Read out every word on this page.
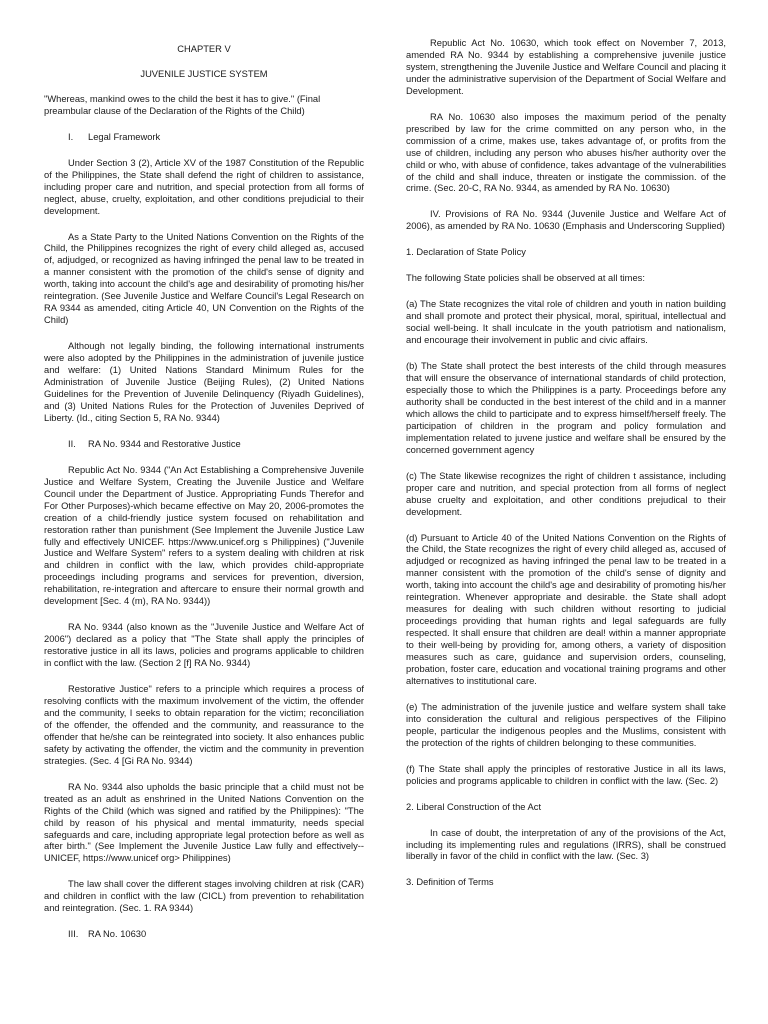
CHAPTER V
JUVENILE JUSTICE SYSTEM

"Whereas, mankind owes to the child the best it has to give." (Final preambular clause of the Declaration of the Rights of the Child)

I.	Legal Framework

Under Section 3 (2), Article XV of the 1987 Constitution of the Republic of the Philippines, the State shall defend the right of children to assistance, including proper care and nutrition, and special protection from all forms of neglect, abuse, cruelty, exploitation, and other conditions prejudicial to their development.

As a State Party to the United Nations Convention on the Rights of the Child, the Philippines recognizes the right of every child alleged as, accused of, adjudged, or recognized as having infringed the penal law to be treated in a manner consistent with the promotion of the child's sense of dignity and worth, taking into account the child's age and desirability of promoting his/her reintegration. (See Juvenile Justice and Welfare Council's Legal Research on RA 9344 as amended, citing Article 40, UN Convention on the Rights of the Child)

Although not legally binding, the following international instruments were also adopted by the Philippines in the administration of juvenile justice and welfare: (1) United Nations Standard Minimum Rules for the Administration of Juvenile Justice (Beijing Rules), (2) United Nations Guidelines for the Prevention of Juvenile Delinquency (Riyadh Guidelines), and (3) United Nations Rules for the Protection of Juveniles Deprived of Liberty. (Id., citing Section 5, RA No. 9344)

II.	RA No. 9344 and Restorative Justice

Republic Act No. 9344 ("An Act Establishing a Comprehensive Juvenile Justice and Welfare System, Creating the Juvenile Justice and Welfare Council under the Department of Justice. Appropriating Funds Therefor and For Other Purposes)-which became effective on May 20, 2006-promotes the creation of a child-friendly justice system focused on rehabilitation and restoration rather than punishment (See Implement the Juvenile Justice Law fully and effectively UNICEF. https://www.unicef.org s Philippines) ("Juvenile Justice and Welfare System" refers to a system dealing with children at risk and children in conflict with the law, which provides child-appropriate proceedings including programs and services for prevention, diversion, rehabilitation, re-integration and aftercare to ensure their normal growth and development [Sec. 4 (m), RA No. 9344))

RA No. 9344 (also known as the "Juvenile Justice and Welfare Act of 2006") declared as a policy that "The State shall apply the principles of restorative justice in all its laws, policies and programs applicable to children in conflict with the law. (Section 2 [f] RA No. 9344)

Restorative Justice" refers to a principle which requires a process of resolving conflicts with the maximum involvement of the victim, the offender and the community, I seeks to obtain reparation for the victim; reconciliation of the offender, the offended and the community, and reassurance to the offender that he/she can be reintegrated into society. It also enhances public safety by activating the offender, the victim and the community in prevention strategies. (Sec. 4 [Gi RA No. 9344)

RA No. 9344 also upholds the basic principle that a child must not be treated as an adult as enshrined in the United Nations Convention on the Rights of the Child (which was signed and ratified by the Philippines): "The child by reason of his physical and mental immaturity, needs special safeguards and care, including appropriate legal protection before as well as after birth." (See Implement the Juvenile Justice Law fully and effectively--UNICEF, https://www.unicef org> Philippines)

The law shall cover the different stages involving children at risk (CAR) and children in conflict with the law (CICL) from prevention to rehabilitation and reintegration. (Sec. 1. RA 9344)

III.	RA No. 10630

Republic Act No. 10630, which took effect on November 7, 2013, amended RA No. 9344 by establishing a comprehensive juvenile justice system, strengthening the Juvenile Justice and Welfare Council and placing it under the administrative supervision of the Department of Social Welfare and Development.

RA No. 10630 also imposes the maximum period of the penalty prescribed by law for the crime committed on any person who, in the commission of a crime, makes use, takes advantage of, or profits from the use of children, including any person who abuses his/her authority over the child or who, with abuse of confidence, takes advantage of the vulnerabilities of the child and shall induce, threaten or instigate the commission. of the crime. (Sec. 20-C, RA No. 9344, as amended by RA No. 10630)

IV. Provisions of RA No. 9344 (Juvenile Justice and Welfare Act of 2006), as amended by RA No. 10630 (Emphasis and Underscoring Supplied)

1. Declaration of State Policy

The following State policies shall be observed at all times:

(a) The State recognizes the vital role of children and youth in nation building and shall promote and protect their physical, moral, spiritual, intellectual and social well-being. It shall inculcate in the youth patriotism and nationalism, and encourage their involvement in public and civic affairs.

(b) The State shall protect the best interests of the child through measures that will ensure the observance of international standards of child protection, especially those to which the Philippines is a party. Proceedings before any authority shall be conducted in the best interest of the child and in a manner which allows the child to participate and to express himself/herself freely. The participation of children in the program and policy formulation and implementation related to juvene justice and welfare shall be ensured by the concerned government agency

(c) The State likewise recognizes the right of children t assistance, including proper care and nutrition, and special protection from all forms of neglect abuse cruelty and exploitation, and other conditions prejudical to their development.

(d) Pursuant to Article 40 of the United Nations Convention on the Rights of the Child, the State recognizes the right of every child alleged as, accused of adjudged or recognized as having infringed the penal law to be treated in a manner consistent with the promotion of the child's sense of dignity and worth, taking into account the child's age and desirability of promoting his/her reintegration. Whenever appropriate and desirable. the State shall adopt measures for dealing with such children without resorting to judicial proceedings providing that human rights and legal safeguards are fully respected. It shall ensure that children are deal! within a manner appropriate to their well-being by providing for, among others, a variety of disposition measures such as care, guidance and supervision orders, counseling, probation, foster care, education and vocational training programs and other alternatives to institutional care.

(e) The administration of the juvenile justice and welfare system shall take into consideration the cultural and religious perspectives of the Filipino people, particular the indigenous peoples and the Muslims, consistent with the protection of the rights of children belonging to these communities.

(f) The State shall apply the principles of restorative Justice in all its laws, policies and programs applicable to children in conflict with the law. (Sec. 2)

2. Liberal Construction of the Act

In case of doubt, the interpretation of any of the provisions of the Act, including its implementing rules and regulations (IRRS), shall be construed liberally in favor of the child in conflict with the law. (Sec. 3)

3. Definition of Terms
